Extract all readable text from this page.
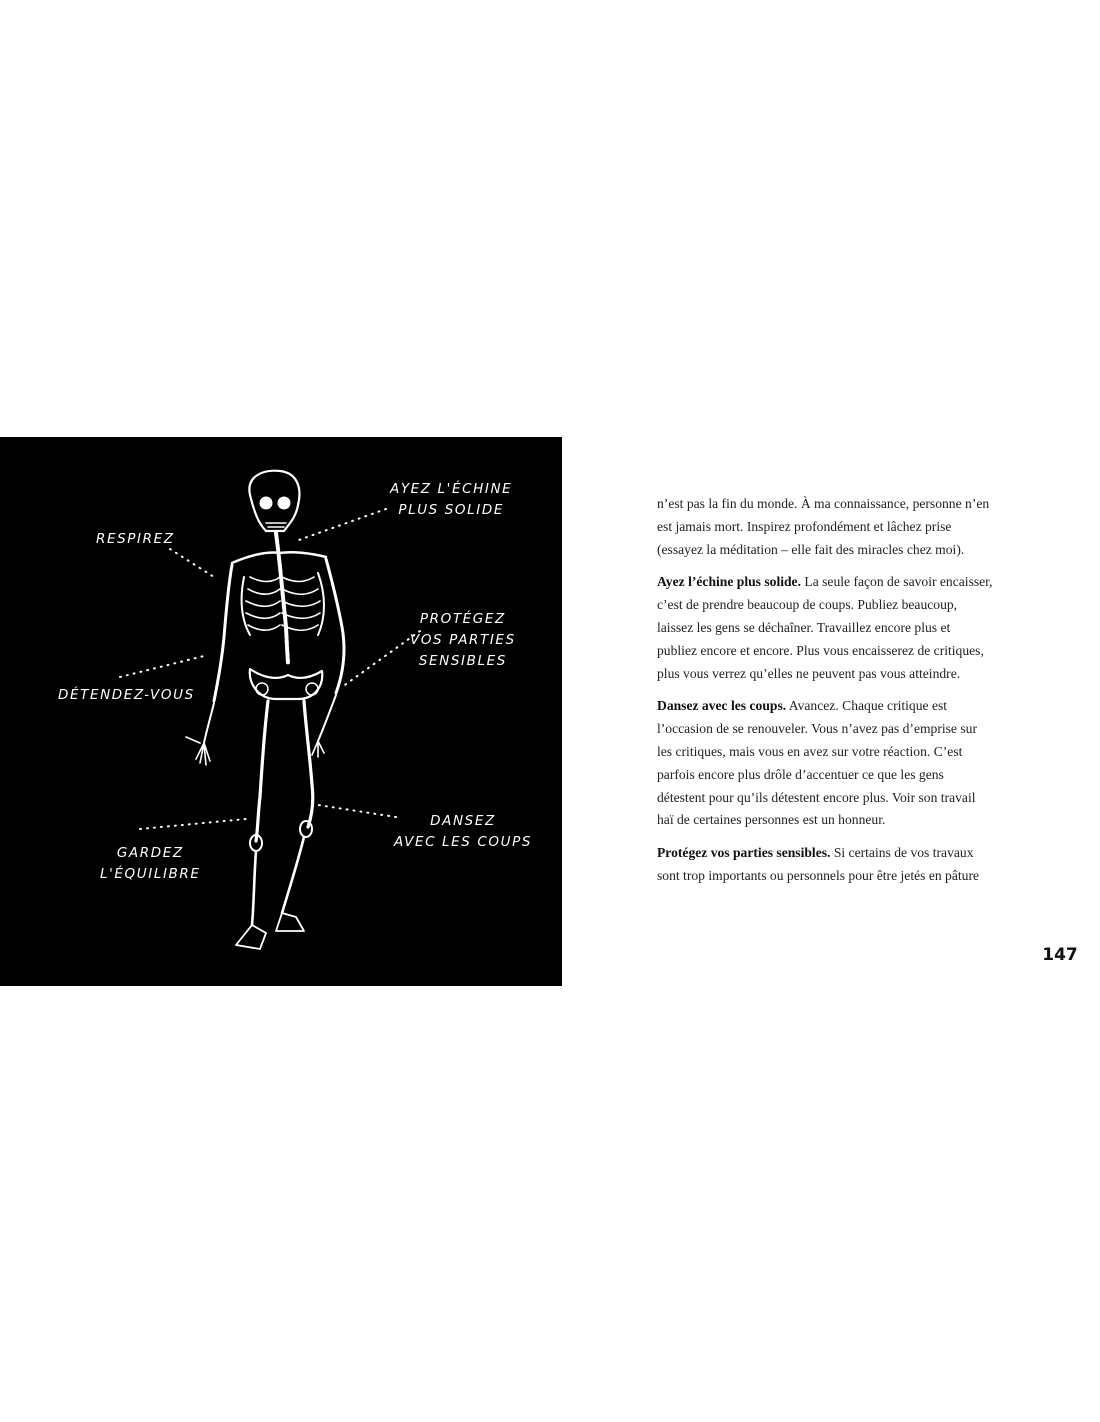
RESPIREZ
AYEZ L'ÉCHINE
PLUS SOLIDE
PROTÉGEZ
VOS PARTIES
SENSIBLES
DÉTENDEZ-VOUS
DANSEZ
AVEC LES COUPS
GARDEZ
L'ÉQUILIBRE

n’est pas la fin du monde. À ma connaissance, personne n’en est jamais mort. Inspirez profondément et lâchez prise (essayez la méditation – elle fait des miracles chez moi).

Ayez l’échine plus solide. La seule façon de savoir encaisser, c’est de prendre beaucoup de coups. Publiez beaucoup, laissez les gens se déchaîner. Travaillez encore plus et publiez encore et encore. Plus vous encaisserez de critiques, plus vous verrez qu’elles ne peuvent pas vous atteindre.

Dansez avec les coups. Avancez. Chaque critique est l’occasion de se renouveler. Vous n’avez pas d’emprise sur les critiques, mais vous en avez sur votre réaction. C’est parfois encore plus drôle d’accentuer ce que les gens détestent pour qu’ils détestent encore plus. Voir son travail haï de certaines personnes est un honneur.

Protégez vos parties sensibles. Si certains de vos travaux sont trop importants ou personnels pour être jetés en pâture

147
